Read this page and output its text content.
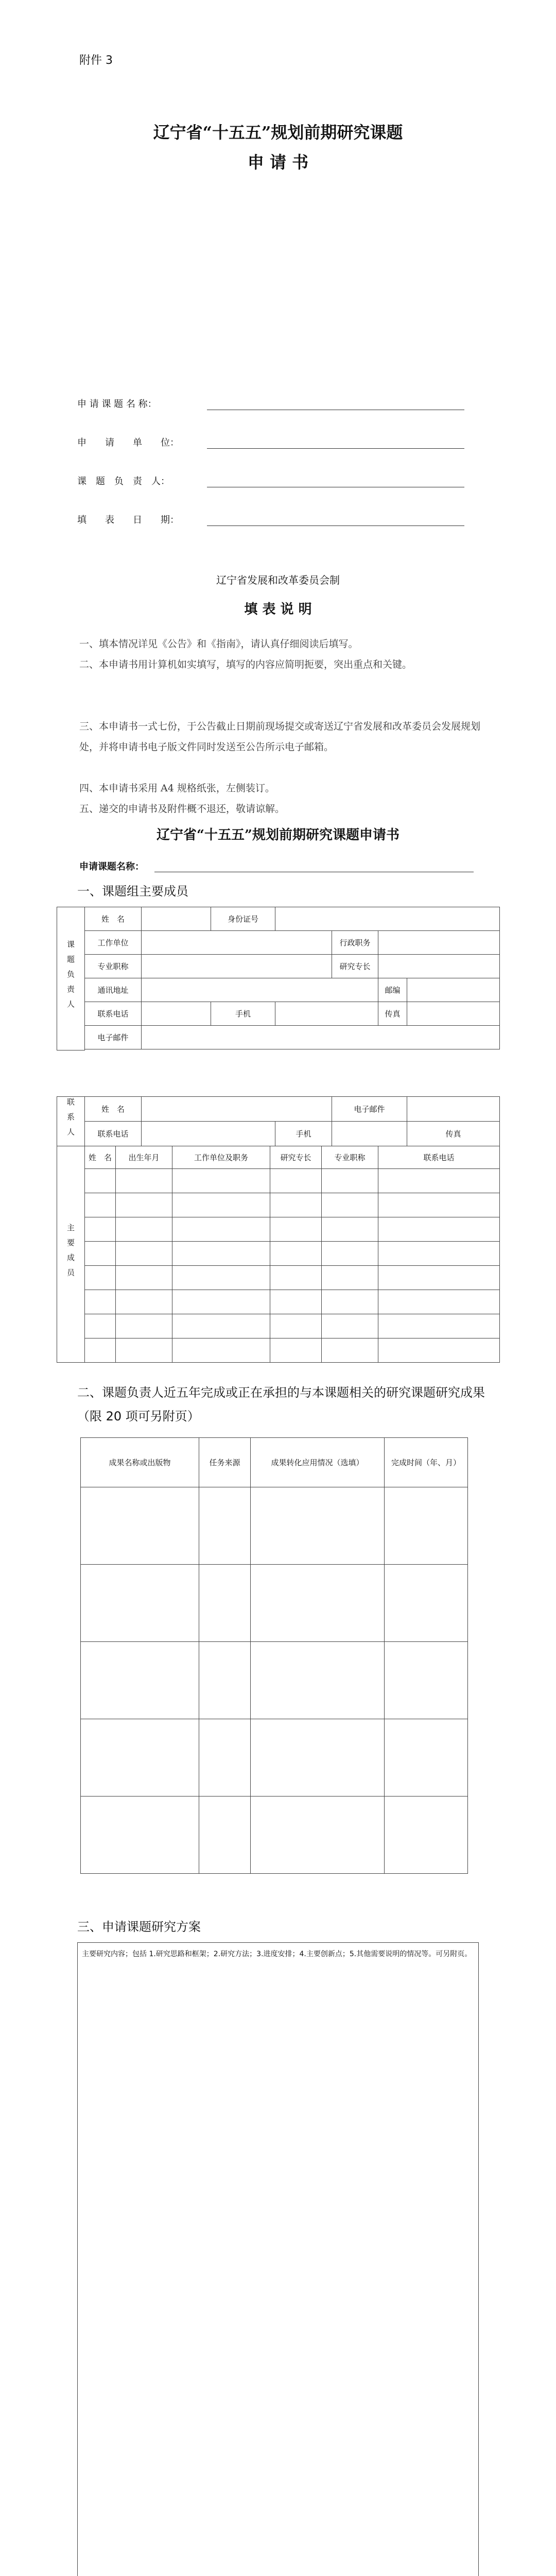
附件 3
辽宁省“十五五”规划前期研究课题
申 请 书
申 请 课 题 名 称：
申　　请　　单　　位：
课　题　负　责　人：
填　　表　　日　　期：
辽宁省发展和改革委员会制
填 表 说 明
一、填本情况详见《公告》和《指南》，请认真仔细阅读后填写。
二、本申请书用计算机如实填写，填写的内容应简明扼要，突出重点和关键。
三、本申请书一式七份，于公告截止日期前现场提交或寄送辽宁省发展和改革委员会发展规划处，并将申请书电子版文件同时发送至公告所示电子邮箱。
四、本申请书采用 A4 规格纸张，左侧装订。
五、递交的申请书及附件概不退还，敬请谅解。
辽宁省“十五五”规划前期研究课题申请书
申请课题名称：
一、课题组主要成员
课题负责人	姓　名		身份证号				
	工作单位				行政职务		
	专业职称				研究专长		
	通讯地址					邮编	
	联系电话		手机			传真	
	电子邮件						

联系人	姓　名			电子邮件	
	联系电话		手机		传真
主要成员	姓　名	出生年月	工作单位及职务	研究专长	专业职称	联系电话

二、课题负责人近五年完成或正在承担的与本课题相关的研究课题研究成果（限 20 项可另附页）
成果名称或出版物	任务来源	成果转化应用情况（选填）	完成时间（年、月）

三、申请课题研究方案
主要研究内容；包括 1.研究思路和框架；2.研究方法；3.进度安排；4.主要创新点；5.其他需要说明的情况等。可另附页。
